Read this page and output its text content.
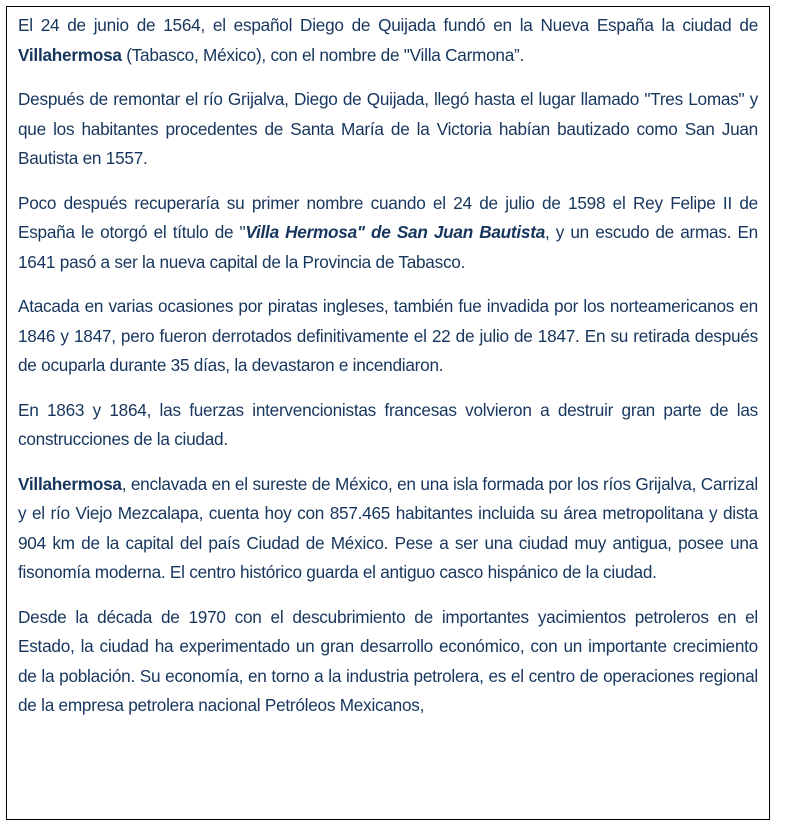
El 24 de junio de 1564, el español Diego de Quijada fundó en la Nueva España la ciudad de Villahermosa (Tabasco, México), con el nombre de "Villa Carmona”.

Después de remontar el río Grijalva, Diego de Quijada, llegó hasta el lugar llamado "Tres Lomas" y que los habitantes procedentes de Santa María de la Victoria habían bautizado como San Juan Bautista en 1557.

Poco después recuperaría su primer nombre cuando el 24 de julio de 1598 el Rey Felipe II de España le otorgó el título de "Villa Hermosa" de San Juan Bautista, y un escudo de armas. En 1641 pasó a ser la nueva capital de la Provincia de Tabasco.

Atacada en varias ocasiones por piratas ingleses, también fue invadida por los norteamericanos en 1846 y 1847, pero fueron derrotados definitivamente el 22 de julio de 1847. En su retirada después de ocuparla durante 35 días, la devastaron e incendiaron.

En 1863 y 1864, las fuerzas intervencionistas francesas volvieron a destruir gran parte de las construcciones de la ciudad.

Villahermosa, enclavada en el sureste de México, en una isla formada por los ríos Grijalva, Carrizal y el río Viejo Mezcalapa, cuenta hoy con 857.465 habitantes incluida su área metropolitana y dista 904 km de la capital del país Ciudad de México. Pese a ser una ciudad muy antigua, posee una fisonomía moderna. El centro histórico guarda el antiguo casco hispánico de la ciudad.

Desde la década de 1970 con el descubrimiento de importantes yacimientos petroleros en el Estado, la ciudad ha experimentado un gran desarrollo económico, con un importante crecimiento de la población. Su economía, en torno a la industria petrolera, es el centro de operaciones regional de la empresa petrolera nacional Petróleos Mexicanos,
